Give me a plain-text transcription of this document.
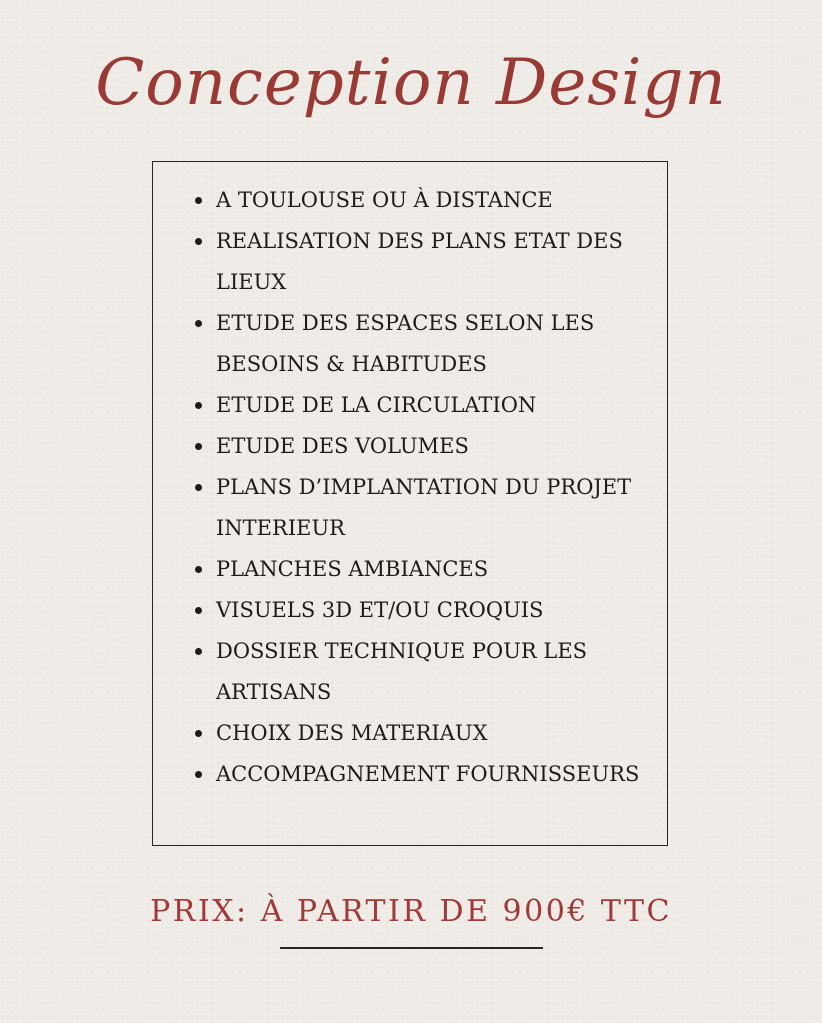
Conception Design
A TOULOUSE OU À DISTANCE
REALISATION DES PLANS ETAT DES LIEUX
ETUDE DES ESPACES SELON LES BESOINS & HABITUDES
ETUDE DE LA CIRCULATION
ETUDE DES VOLUMES
PLANS D’IMPLANTATION DU PROJET INTERIEUR
PLANCHES AMBIANCES
VISUELS 3D ET/OU CROQUIS
DOSSIER TECHNIQUE POUR LES ARTISANS
CHOIX DES MATERIAUX
ACCOMPAGNEMENT FOURNISSEURS
PRIX: À PARTIR DE 900€ TTC
